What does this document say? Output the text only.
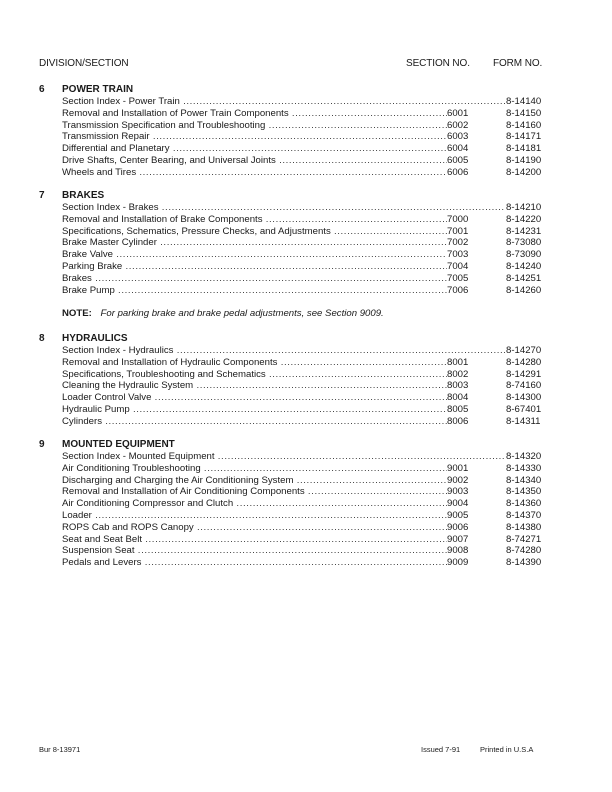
DIVISION/SECTION	SECTION NO. FORM NO.
6 POWER TRAIN
Section Index - Power Train .....	8-14140
Removal and Installation of Power Train Components .....	6001	8-14150
Transmission Specification and Troubleshooting .....	6002	8-14160
Transmission Repair .....	6003	8-14171
Differential and Planetary .....	6004	8-14181
Drive Shafts, Center Bearing, and Universal Joints .....	6005	8-14190
Wheels and Tires .....	6006	8-14200
7 BRAKES
Section Index - Brakes .....	8-14210
Removal and Installation of Brake Components .....	7000	8-14220
Specifications, Schematics, Pressure Checks, and Adjustments .....	7001	8-14231
Brake Master Cylinder .....	7002	8-73080
Brake Valve .....	7003	8-73090
Parking Brake .....	7004	8-14240
Brakes .....	7005	8-14251
Brake Pump .....	7006	8-14260
NOTE: For parking brake and brake pedal adjustments, see Section 9009.
8 HYDRAULICS
Section Index - Hydraulics .....	8-14270
Removal and Installation of Hydraulic Components .....	8001	8-14280
Specifications, Troubleshooting and Schematics .....	8002	8-14291
Cleaning the Hydraulic System .....	8003	8-74160
Loader Control Valve .....	8004	8-14300
Hydraulic Pump .....	8005	8-67401
Cylinders .....	8006	8-14311
9 MOUNTED EQUIPMENT
Section Index - Mounted Equipment .....	8-14320
Air Conditioning Troubleshooting .....	9001	8-14330
Discharging and Charging the Air Conditioning System .....	9002	8-14340
Removal and Installation of Air Conditioning Components .....	9003	8-14350
Air Conditioning Compressor and Clutch .....	9004	8-14360
Loader .....	9005	8-14370
ROPS Cab and ROPS Canopy .....	9006	8-14380
Seat and Seat Belt .....	9007	8-74271
Suspension Seat .....	9008	8-74280
Pedals and Levers .....	9009	8-14390
Bur 8-13971	Issued 7-91	Printed in U.S.A
